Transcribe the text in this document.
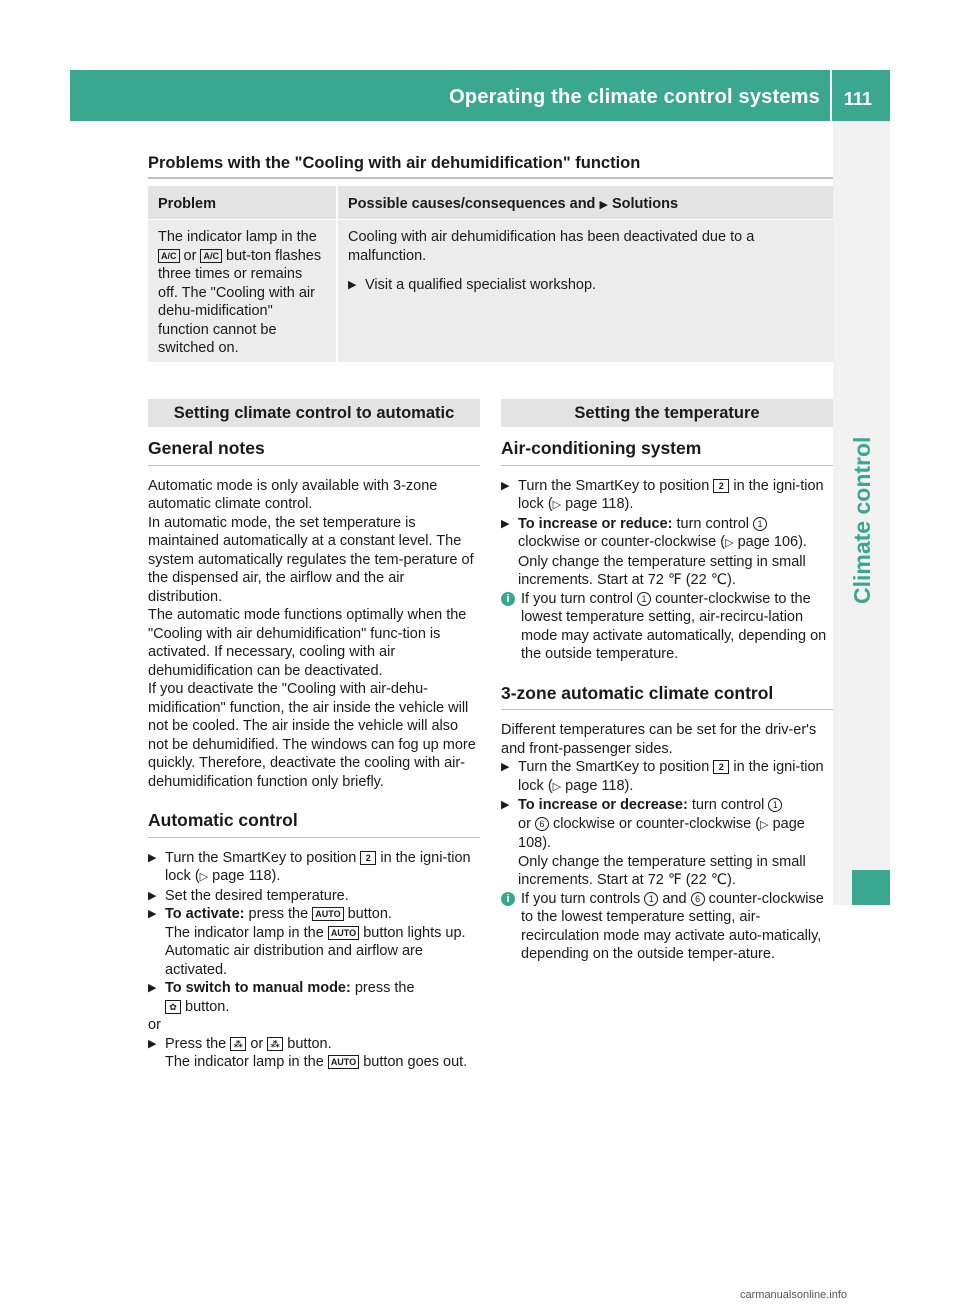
Operating the climate control systems 111
Climate control
Problems with the "Cooling with air dehumidification" function
Problem	Possible causes/consequences and ▶ Solutions
The indicator lamp in the A/C or A/C but-ton flashes three times or remains off. The "Cooling with air dehu-midification" function cannot be switched on.

Cooling with air dehumidification has been deactivated due to a malfunction.

▶ Visit a qualified specialist workshop.
Setting climate control to automatic
General notes

Automatic mode is only available with 3-zone automatic climate control.

In automatic mode, the set temperature is maintained automatically at a constant level. The system automatically regulates the tem-perature of the dispensed air, the airflow and the air distribution.

The automatic mode functions optimally when the "Cooling with air dehumidification" func-tion is activated. If necessary, cooling with air dehumidification can be deactivated.

If you deactivate the "Cooling with air-dehu-midification" function, the air inside the vehicle will not be cooled. The air inside the vehicle will also not be dehumidified. The windows can fog up more quickly. Therefore, deactivate the cooling with air-dehumidification function only briefly.

Automatic control
▶ Turn the SmartKey to position 2 in the igni-tion lock (▷ page 118).
▶ Set the desired temperature.
▶ To activate: press the AUTO button.
The indicator lamp in the AUTO button lights up. Automatic air distribution and airflow are activated.
▶ To switch to manual mode: press the
✿ button.

or

▶ Press the ⁂ or ⁂ button.
The indicator lamp in the AUTO button goes out.
Setting the temperature
Air-conditioning system
▶ Turn the SmartKey to position 2 in the igni-tion lock (▷ page 118).
▶ To increase or reduce: turn control 1 clockwise or counter-clockwise (▷ page 106).
Only change the temperature setting in small increments. Start at 72 ℉ (22 ℃).
i If you turn control 1 counter-clockwise to the lowest temperature setting, air-recircu-lation mode may activate automatically, depending on the outside temperature.
3-zone automatic climate control

Different temperatures can be set for the driv-er's and front-passenger sides.

▶ Turn the SmartKey to position 2 in the igni-tion lock (▷ page 118).
▶ To increase or decrease: turn control 1
or 6 clockwise or counter-clockwise (▷ page 108).
Only change the temperature setting in small increments. Start at 72 ℉ (22 ℃).
i If you turn controls 1 and 6 counter-clockwise to the lowest temperature setting, air-recirculation mode may activate auto-matically, depending on the outside temper-ature.
carmanualsonline.info
